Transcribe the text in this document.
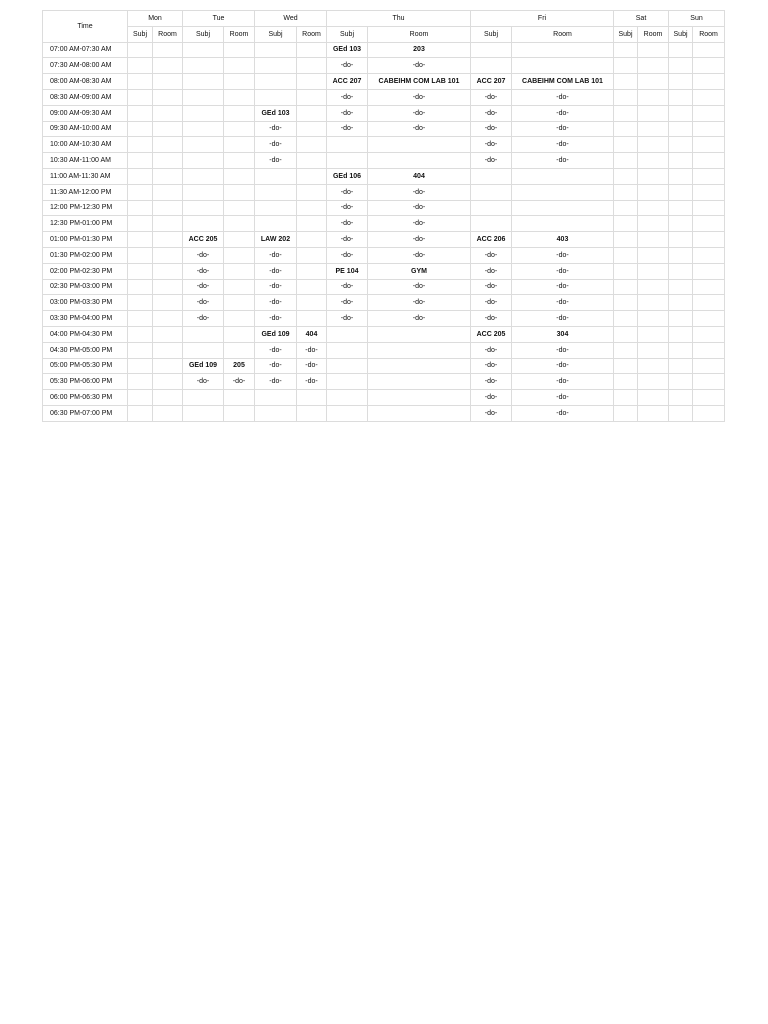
Time	Mon		Tue		Wed		Thu		Fri		Sat		Sun	
	Subj	Room	Subj	Room	Subj	Room	Subj	Room	Subj	Room	Subj	Room	Subj	Room
07:00 AM-07:30 AM							GEd 103	203						
07:30 AM-08:00 AM							-do-	-do-						
08:00 AM-08:30 AM							ACC 207	CABEIHM COM LAB 101	ACC 207	CABEIHM COM LAB 101				
08:30 AM-09:00 AM							-do-	-do-	-do-	-do-				
09:00 AM-09:30 AM					GEd 103		-do-	-do-	-do-	-do-				
09:30 AM-10:00 AM					-do-		-do-	-do-	-do-	-do-				
10:00 AM-10:30 AM					-do-				-do-	-do-				
10:30 AM-11:00 AM					-do-				-do-	-do-				
11:00 AM-11:30 AM							GEd 106	404						
11:30 AM-12:00 PM							-do-	-do-						
12:00 PM-12:30 PM							-do-	-do-						
12:30 PM-01:00 PM							-do-	-do-						
01:00 PM-01:30 PM			ACC 205		LAW 202		-do-	-do-	ACC 206	403				
01:30 PM-02:00 PM			-do-		-do-		-do-	-do-	-do-	-do-				
02:00 PM-02:30 PM			-do-		-do-		PE 104	GYM	-do-	-do-				
02:30 PM-03:00 PM			-do-		-do-		-do-	-do-	-do-	-do-				
03:00 PM-03:30 PM			-do-		-do-		-do-	-do-	-do-	-do-				
03:30 PM-04:00 PM			-do-		-do-		-do-	-do-	-do-	-do-				
04:00 PM-04:30 PM					GEd 109	404			ACC 205	304				
04:30 PM-05:00 PM					-do-	-do-			-do-	-do-				
05:00 PM-05:30 PM			GEd 109	205	-do-	-do-			-do-	-do-				
05:30 PM-06:00 PM			-do-	-do-	-do-	-do-			-do-	-do-				
06:00 PM-06:30 PM									-do-	-do-				
06:30 PM-07:00 PM									-do-	-do-				
